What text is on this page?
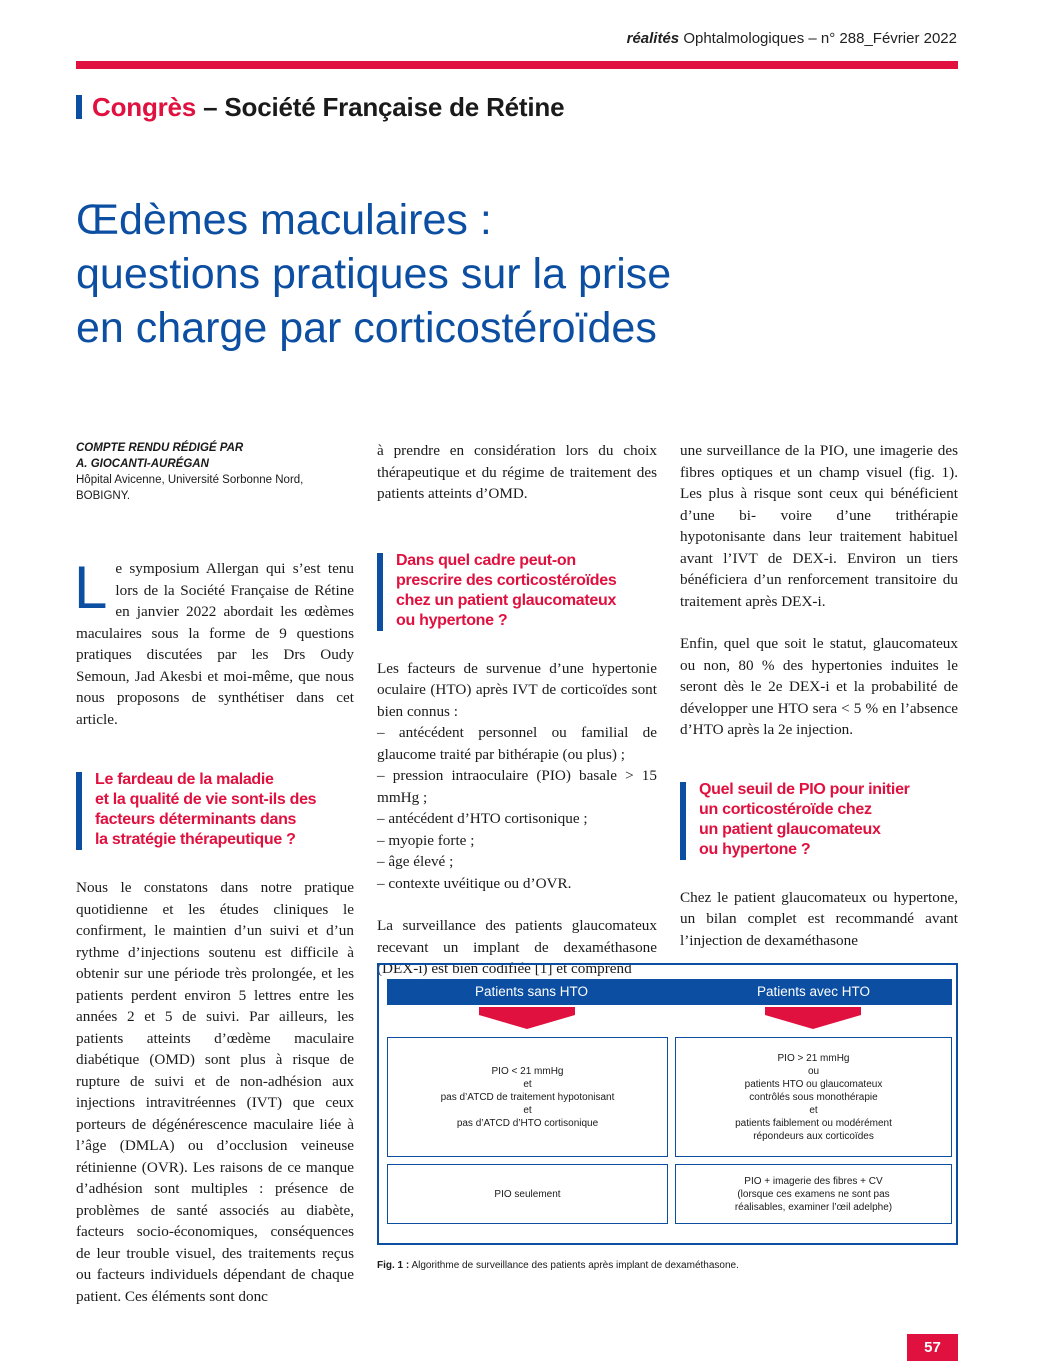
réalités Ophtalmologiques – n° 288_Février 2022
Congrès – Société Française de Rétine
Œdèmes maculaires :
questions pratiques sur la prise
en charge par corticostéroïdes
COMPTE RENDU RÉDIGÉ PAR
A. GIOCANTI-AURÉGAN
Hôpital Avicenne, Université Sorbonne Nord, BOBIGNY.
Le symposium Allergan qui s’est tenu lors de la Société Française de Rétine en janvier 2022 abordait les œdèmes maculaires sous la forme de 9 questions pratiques discutées par les Drs Oudy Semoun, Jad Akesbi et moi-même, que nous nous proposons de synthétiser dans cet article.
Le fardeau de la maladie
et la qualité de vie sont-ils des
facteurs déterminants dans
la stratégie thérapeutique ?

Nous le constatons dans notre pratique quotidienne et les études cliniques le confirment, le maintien d’un suivi et d’un rythme d’injections soutenu est difficile à obtenir sur une période très prolongée, et les patients perdent environ 5 lettres entre les années 2 et 5 de suivi. Par ailleurs, les patients atteints d’œdème maculaire diabétique (OMD) sont plus à risque de rupture de suivi et de non-adhésion aux injections intravitréennes (IVT) que ceux porteurs de dégénérescence maculaire liée à l’âge (DMLA) ou d’occlusion veineuse rétinienne (OVR). Les raisons de ce manque d’adhésion sont multiples : présence de problèmes de santé associés au diabète, facteurs socio-économiques, conséquences de leur trouble visuel, des traitements reçus ou facteurs individuels dépendant de chaque patient. Ces éléments sont donc

à prendre en considération lors du choix thérapeutique et du régime de traitement des patients atteints d’OMD.

Dans quel cadre peut-on
prescrire des corticostéroïdes
chez un patient glaucomateux
ou hypertone ?

Les facteurs de survenue d’une hypertonie oculaire (HTO) après IVT de corticoïdes sont bien connus :

– antécédent personnel ou familial de glaucome traité par bithérapie (ou plus) ;

– pression intraoculaire (PIO) basale > 15 mmHg ;

– antécédent d’HTO cortisonique ;

– myopie forte ;

– âge élevé ;

– contexte uvéitique ou d’OVR.

La surveillance des patients glaucomateux recevant un implant de dexaméthasone (DEX-i) est bien codifiée [1] et comprend

une surveillance de la PIO, une imagerie des fibres optiques et un champ visuel (fig. 1). Les plus à risque sont ceux qui bénéficient d’une bi- voire d’une trithérapie hypotonisante dans leur traitement habituel avant l’IVT de DEX-i. Environ un tiers bénéficiera d’un renforcement transitoire du traitement après DEX-i.

Enfin, quel que soit le statut, glaucomateux ou non, 80 % des hypertonies induites le seront dès le 2e DEX-i et la probabilité de développer une HTO sera < 5 % en l’absence d’HTO après la 2e injection.

Quel seuil de PIO pour initier
un corticostéroïde chez
un patient glaucomateux
ou hypertone ?

Chez le patient glaucomateux ou hypertone, un bilan complet est recommandé avant l’injection de dexaméthasone

Patients sans HTO	Patients avec HTO
PIO < 21 mmHg
et
pas d’ATCD de traitement hypotonisant
et
pas d’ATCD d’HTO cortisonique
PIO > 21 mmHg
ou
patients HTO ou glaucomateux
contrôlés sous monothérapie
et
patients faiblement ou modérément
répondeurs aux corticoïdes
PIO seulement
PIO + imagerie des fibres + CV
(lorsque ces examens ne sont pas
réalisables, examiner l’œil adelphe)
Fig. 1 : Algorithme de surveillance des patients après implant de dexaméthasone.
57
